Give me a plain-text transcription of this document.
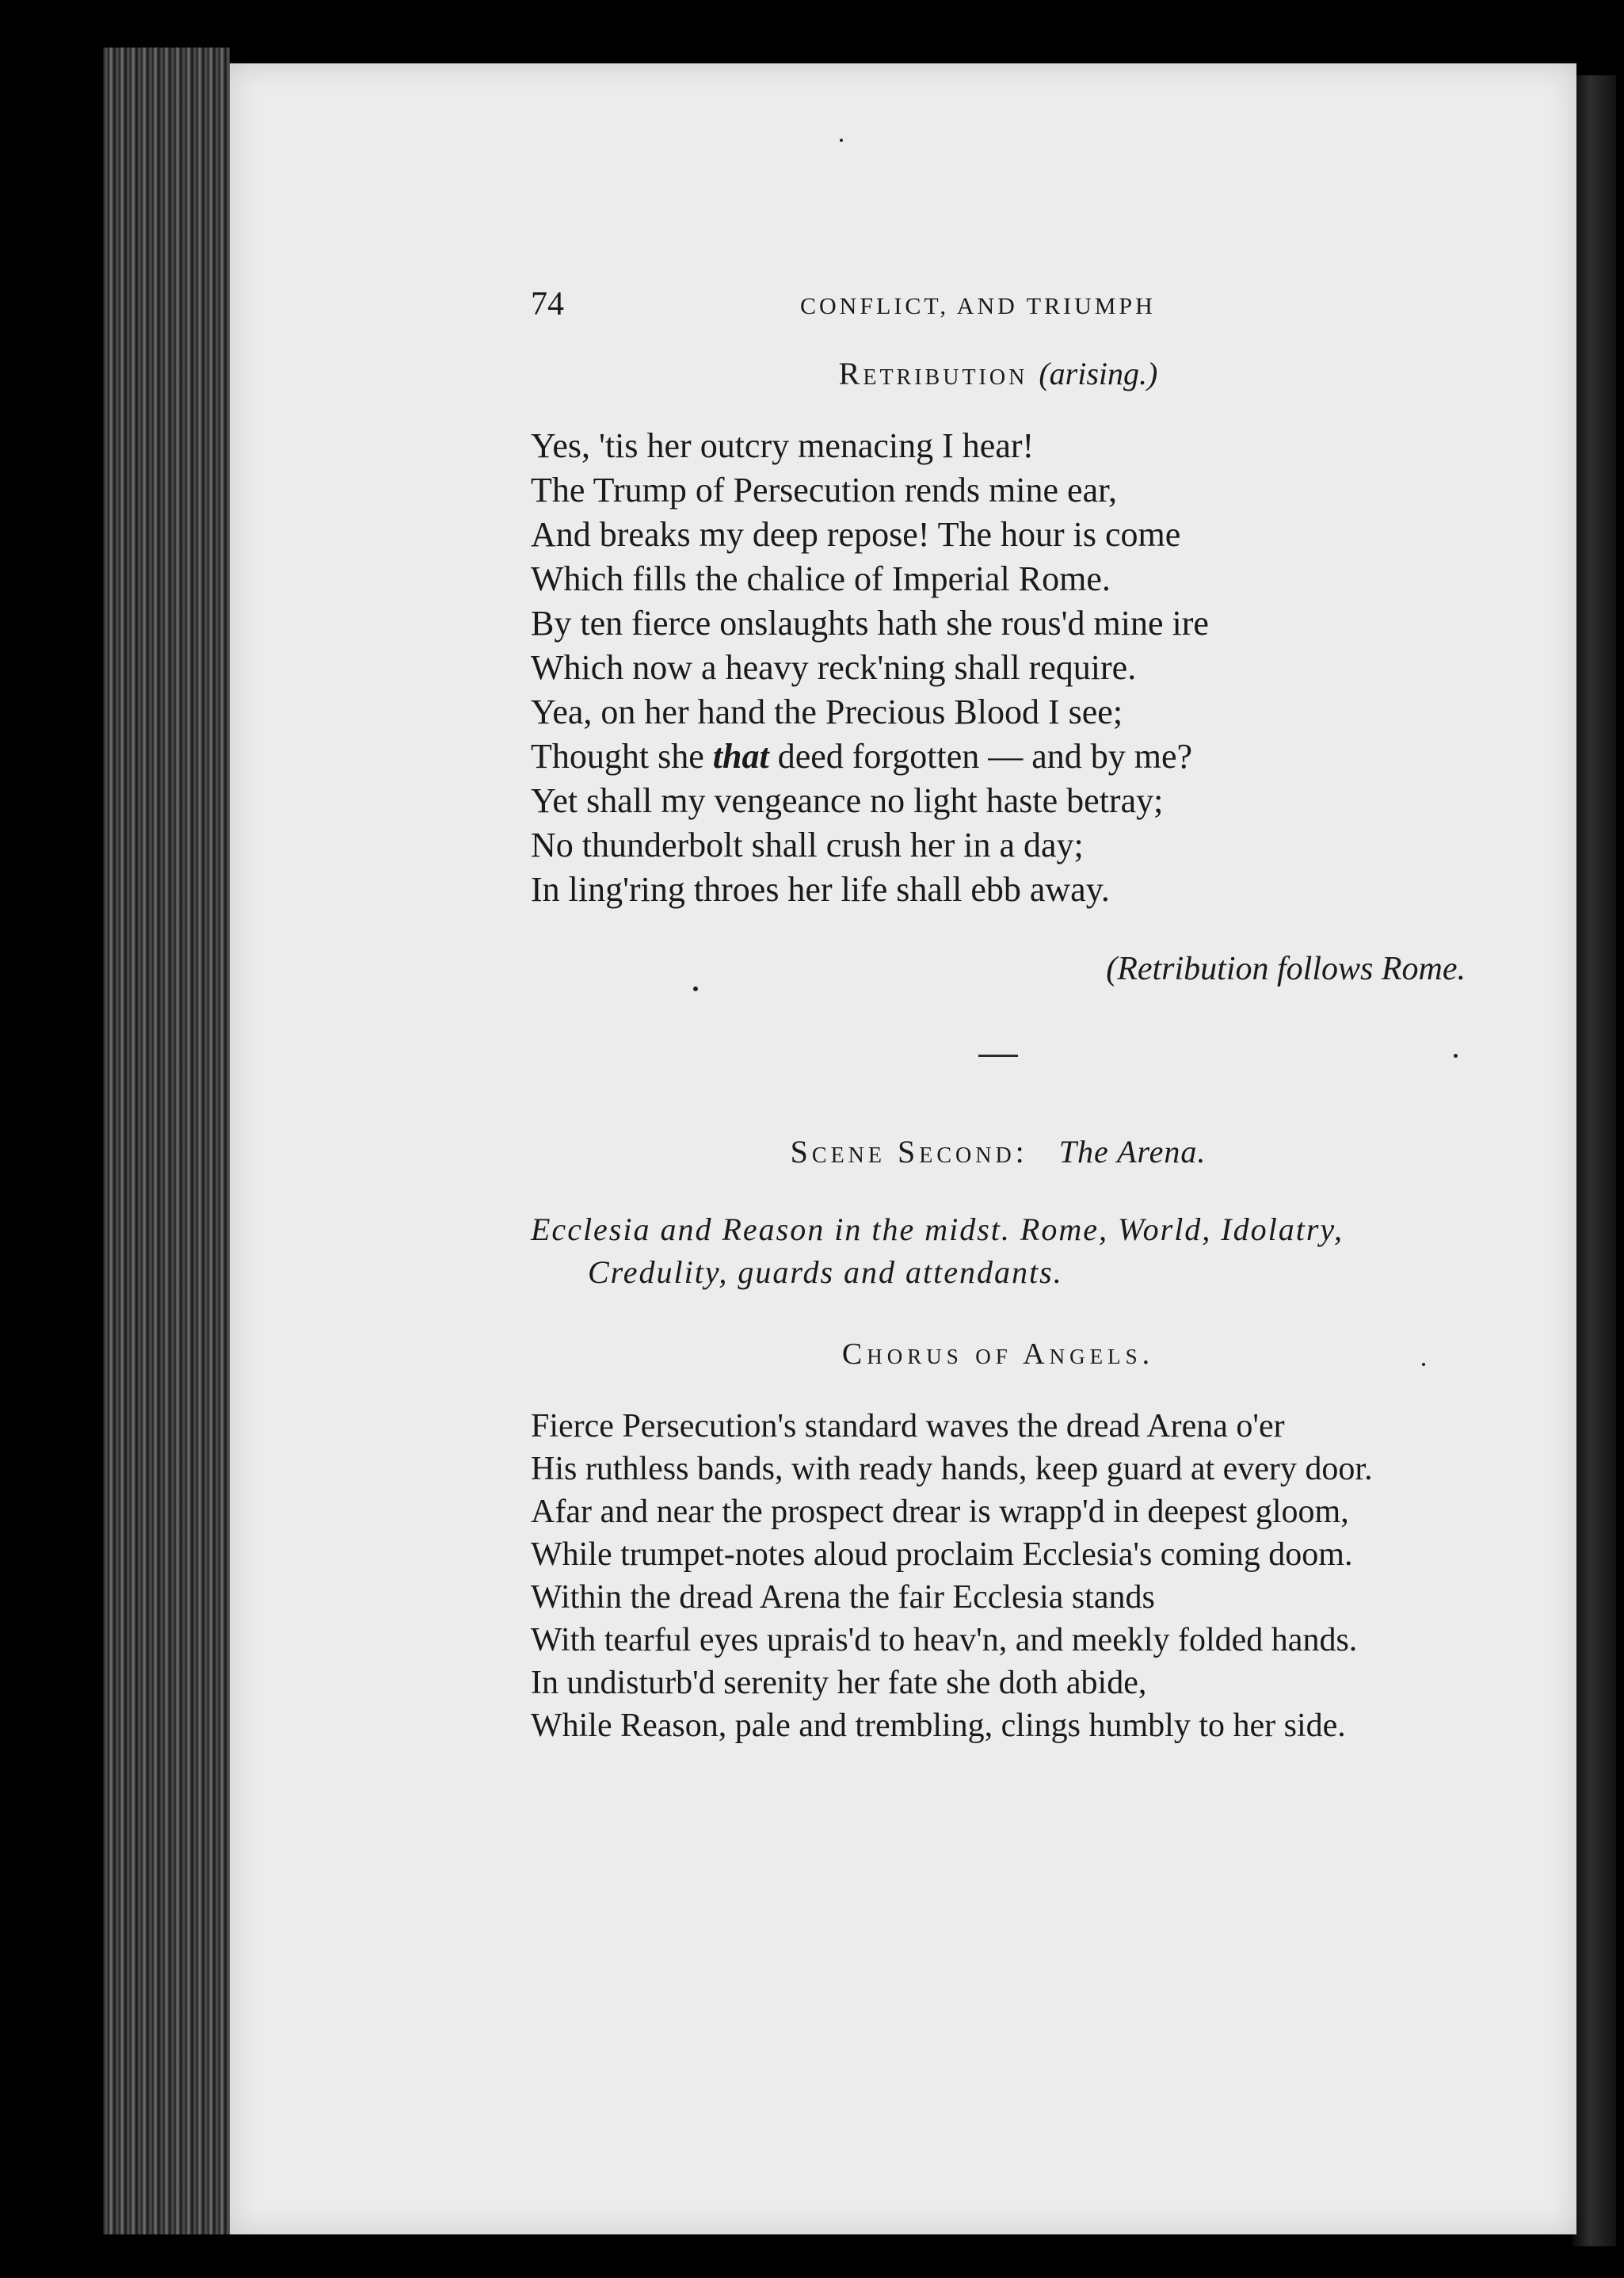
74	CONFLICT, AND TRIUMPH
Retribution (arising.)
Yes, 'tis her outcry menacing I hear!
The Trump of Persecution rends mine ear,
And breaks my deep repose! The hour is come
Which fills the chalice of Imperial Rome.
By ten fierce onslaughts hath she rous'd mine ire
Which now a heavy reck'ning shall require.
Yea, on her hand the Precious Blood I see;
Thought she that deed forgotten — and by me?
Yet shall my vengeance no light haste betray;
No thunderbolt shall crush her in a day;
In ling'ring throes her life shall ebb away.
(Retribution follows Rome.
Scene Second: The Arena.
Ecclesia and Reason in the midst. Rome, World, Idolatry, Credulity, guards and attendants.
Chorus of Angels.
Fierce Persecution's standard waves the dread Arena o'er
His ruthless bands, with ready hands, keep guard at every door.
Afar and near the prospect drear is wrapp'd in deepest gloom,
While trumpet-notes aloud proclaim Ecclesia's coming doom.
Within the dread Arena the fair Ecclesia stands
With tearful eyes uprais'd to heav'n, and meekly folded hands.
In undisturb'd serenity her fate she doth abide,
While Reason, pale and trembling, clings humbly to her side.
